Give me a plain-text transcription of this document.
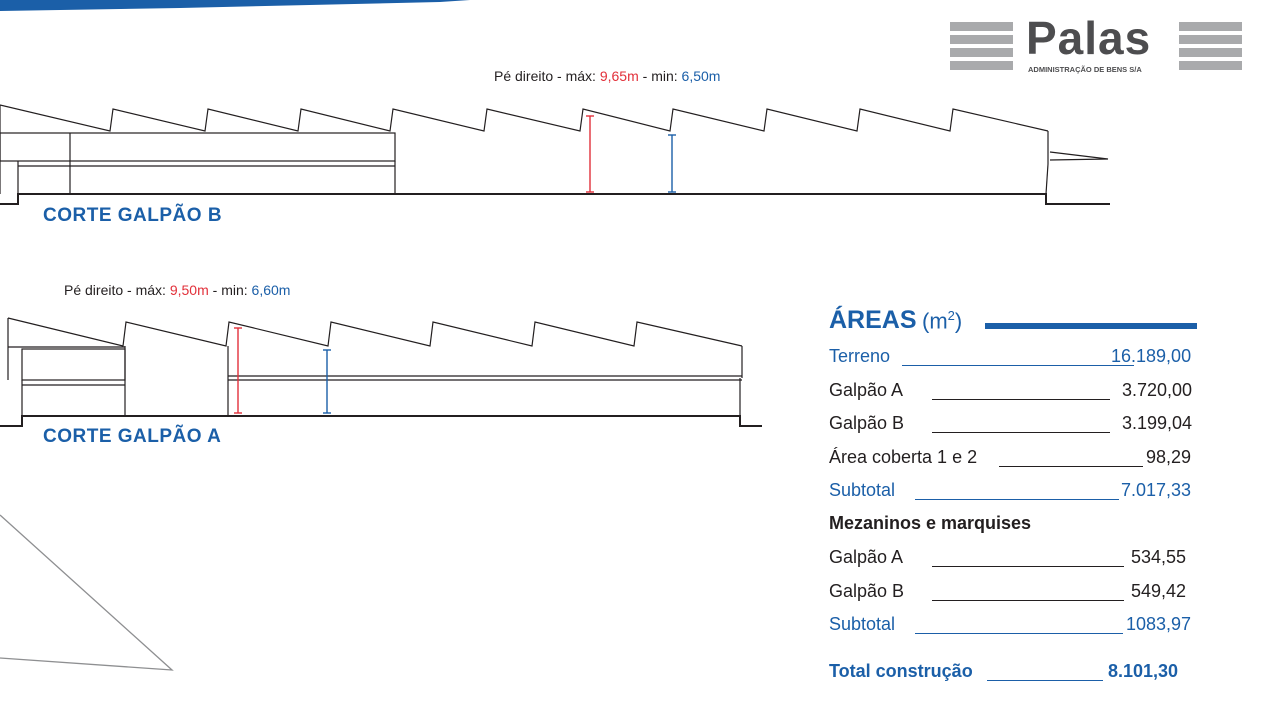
Palas
ADMINISTRAÇÃO DE BENS S/A
Pé direito - máx: 9,65m - min: 6,50m
Pé direito - máx: 9,50m - min: 6,60m
CORTE GALPÃO B
CORTE GALPÃO A
ÁREAS $(m^2)$
Terreno	16.189,00
Galpão A	3.720,00
Galpão B	3.199,04
Área coberta 1 e 2	98,29
Subtotal	7.017,33
Mezaninos e marquises
Galpão A	534,55
Galpão B	549,42
Subtotal	1083,97
Total construção	8.101,30
